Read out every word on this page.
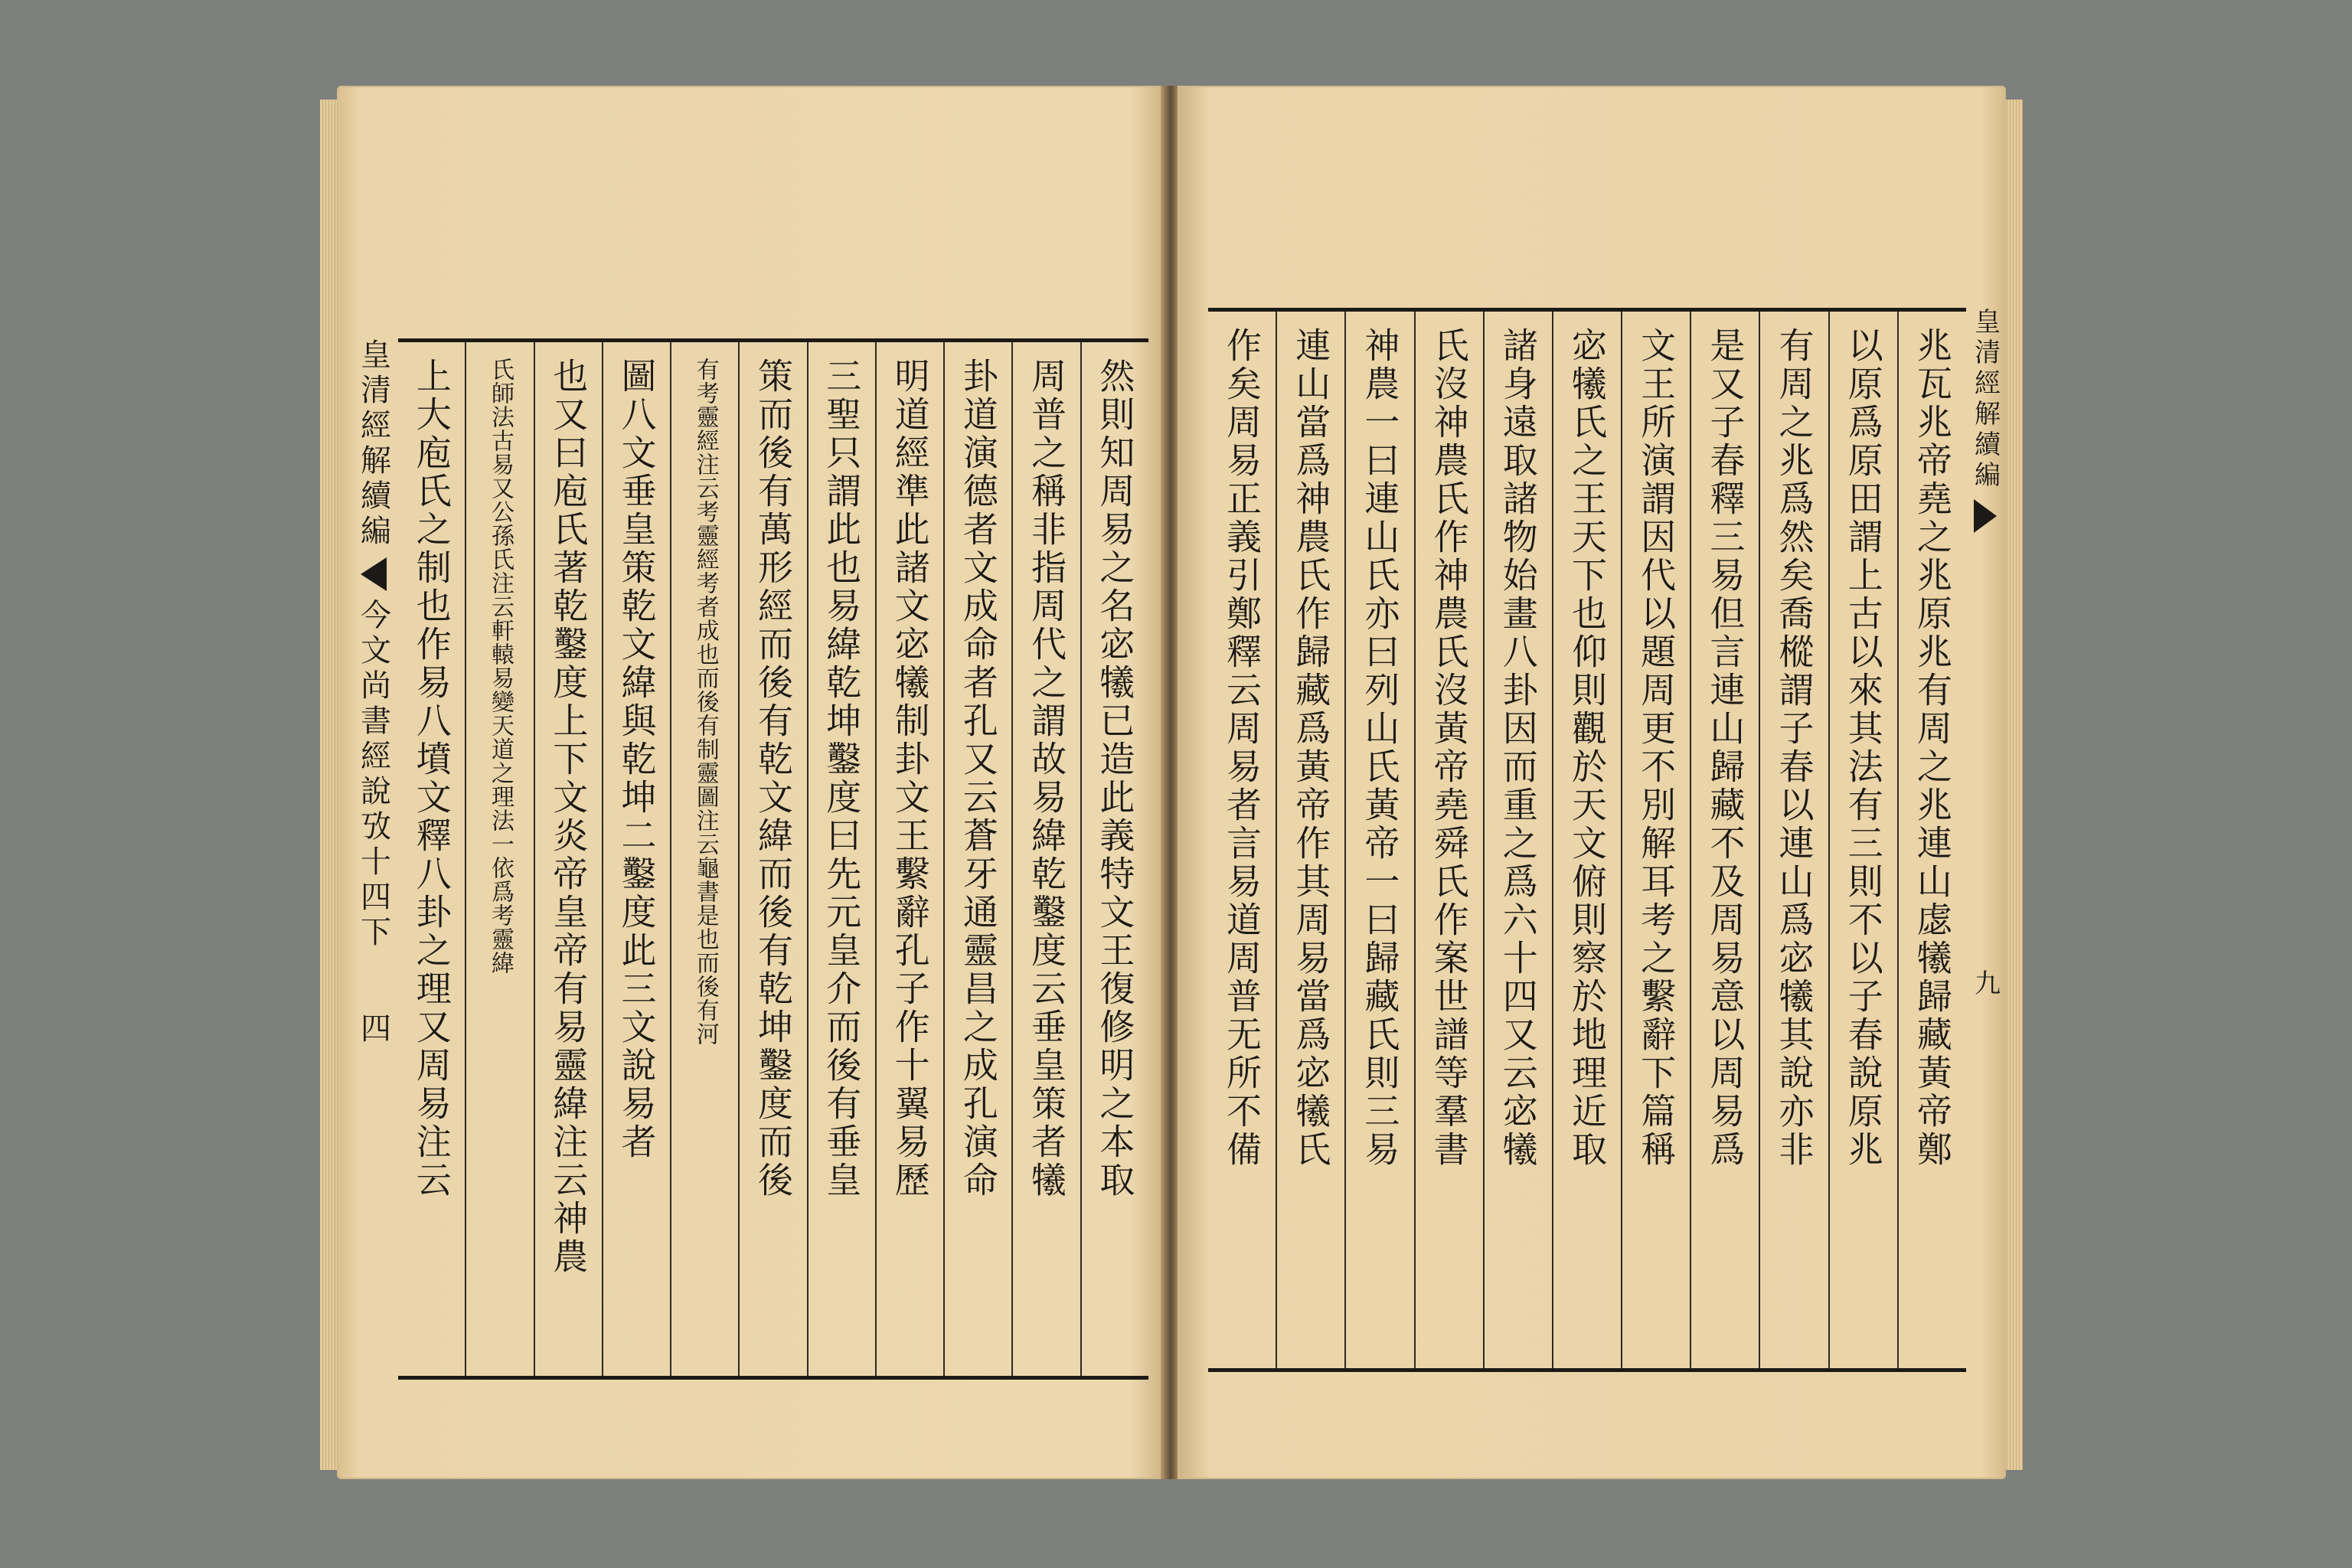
皇清經解續編
今文尚書經說攷十四下
四	然則知周易之名宓犧已造此義特文王復修明之本取
周普之稱非指周代之謂故易緯乾鑿度云垂皇策者犧
卦道演德者文成命者孔又云蒼牙通靈昌之成孔演命
明道經準此諸文宓犧制卦文王繫辭孔子作十翼易歷
三聖只謂此也易緯乾坤鑿度曰先元皇介而後有垂皇
策而後有萬形經而後有乾文緯而後有乾坤鑿度而後
有考靈經注云考靈經考者成也而後有制靈圖注云龜書是也而後有河
圖八文垂皇策乾文緯與乾坤二鑿度此三文說易者
也又曰庖氏著乾鑿度上下文炎帝皇帝有易靈緯注云神農
氏師法古易又公孫氏注云軒轅易變天道之理法一依爲考靈緯
上大庖氏之制也作易八墳文釋八卦之理又周易注云	兆瓦兆帝堯之兆原兆有周之兆連山虙犧歸藏黃帝鄭
以原爲原田謂上古以來其法有三則不以子春說原兆
有周之兆爲然矣喬樅謂子春以連山爲宓犧其說亦非
是又子春釋三易但言連山歸藏不及周易意以周易爲
文王所演謂因代以題周更不別解耳考之繫辭下篇稱
宓犧氏之王天下也仰則觀於天文俯則察於地理近取
諸身遠取諸物始畫八卦因而重之爲六十四又云宓犧
氏沒神農氏作神農氏沒黃帝堯舜氏作案世譜等羣書
神農一曰連山氏亦曰列山氏黃帝一曰歸藏氏則三易
連山當爲神農氏作歸藏爲黃帝作其周易當爲宓犧氏
作矣周易正義引鄭釋云周易者言易道周普无所不備	皇清經解續編
九
